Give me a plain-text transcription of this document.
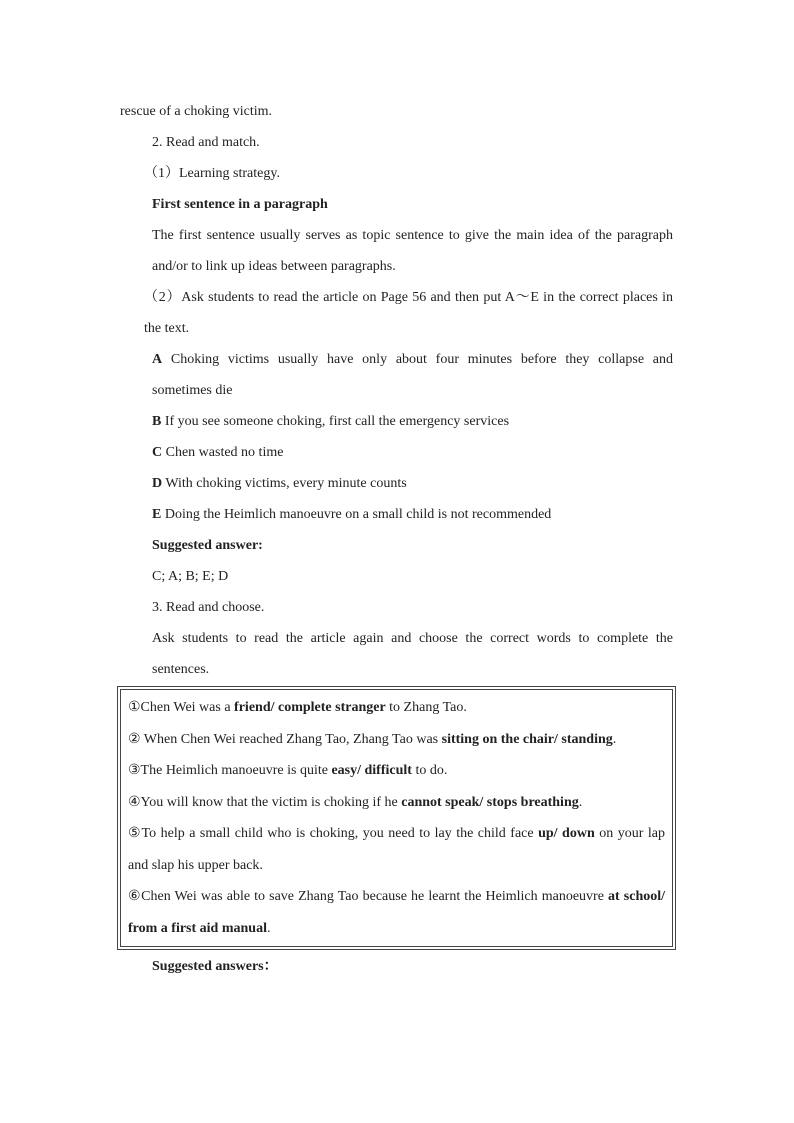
rescue of a choking victim.
2. Read and match.
（1）Learning strategy.
First sentence in a paragraph
The first sentence usually serves as topic sentence to give the main idea of the paragraph and/or to link up ideas between paragraphs.
（2）Ask students to read the article on Page 56 and then put A～E in the correct places in the text.
A Choking victims usually have only about four minutes before they collapse and sometimes die
B If you see someone choking, first call the emergency services
C Chen wasted no time
D With choking victims, every minute counts
E Doing the Heimlich manoeuvre on a small child is not recommended
Suggested answer:
C; A; B; E; D
3. Read and choose.
Ask students to read the article again and choose the correct words to complete the sentences.
①Chen Wei was a friend/ complete stranger to Zhang Tao.
② When Chen Wei reached Zhang Tao, Zhang Tao was sitting on the chair/ standing.
③The Heimlich manoeuvre is quite easy/ difficult to do.
④You will know that the victim is choking if he cannot speak/ stops breathing.
⑤To help a small child who is choking, you need to lay the child face up/ down on your lap and slap his upper back.
⑥Chen Wei was able to save Zhang Tao because he learnt the Heimlich manoeuvre at school/ from a first aid manual.
Suggested answers：
